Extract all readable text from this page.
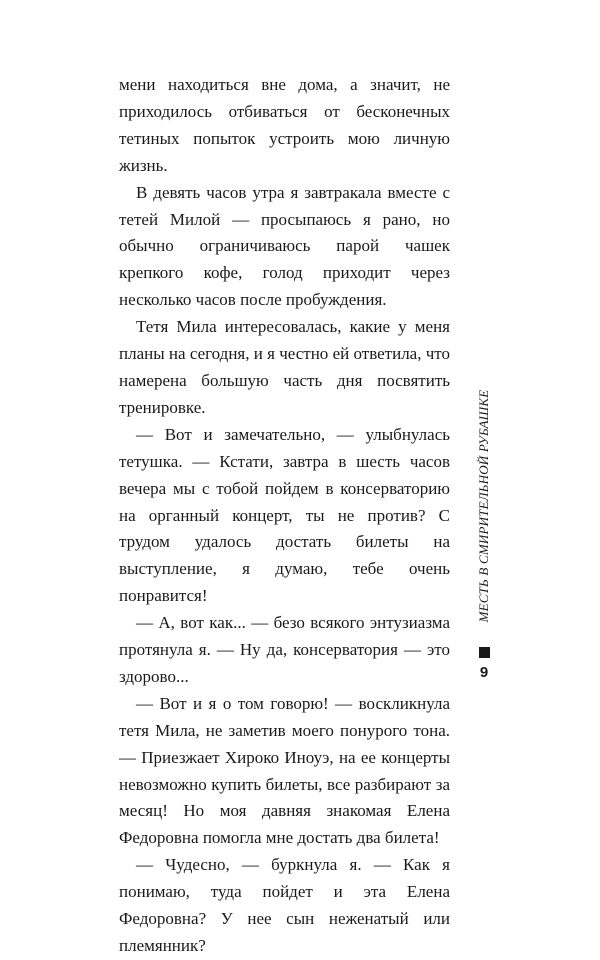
мени находиться вне дома, а значит, не приходилось отбиваться от бесконечных тетиных попыток устроить мою личную жизнь.

В девять часов утра я завтракала вместе с тетей Милой — просыпаюсь я рано, но обычно ограничиваюсь парой чашек крепкого кофе, голод приходит через несколько часов после пробуждения.

Тетя Мила интересовалась, какие у меня планы на сегодня, и я честно ей ответила, что намерена большую часть дня посвятить тренировке.

— Вот и замечательно, — улыбнулась тетушка. — Кстати, завтра в шесть часов вечера мы с тобой пойдем в консерваторию на органный концерт, ты не против? С трудом удалось достать билеты на выступление, я думаю, тебе очень понравится!

— А, вот как... — безо всякого энтузиазма протянула я. — Ну да, консерватория — это здорово...

— Вот и я о том говорю! — воскликнула тетя Мила, не заметив моего понурого тона. — Приезжает Хироко Иноуэ, на ее концерты невозможно купить билеты, все разбирают за месяц! Но моя давняя знакомая Елена Федоровна помогла мне достать два билета!

— Чудесно, — буркнула я. — Как я понимаю, туда пойдет и эта Елена Федоровна? У нее сын неженатый или племянник?

МЕСТЬ В СМИРИТЕЛЬНОЙ РУБАШКЕ
9
